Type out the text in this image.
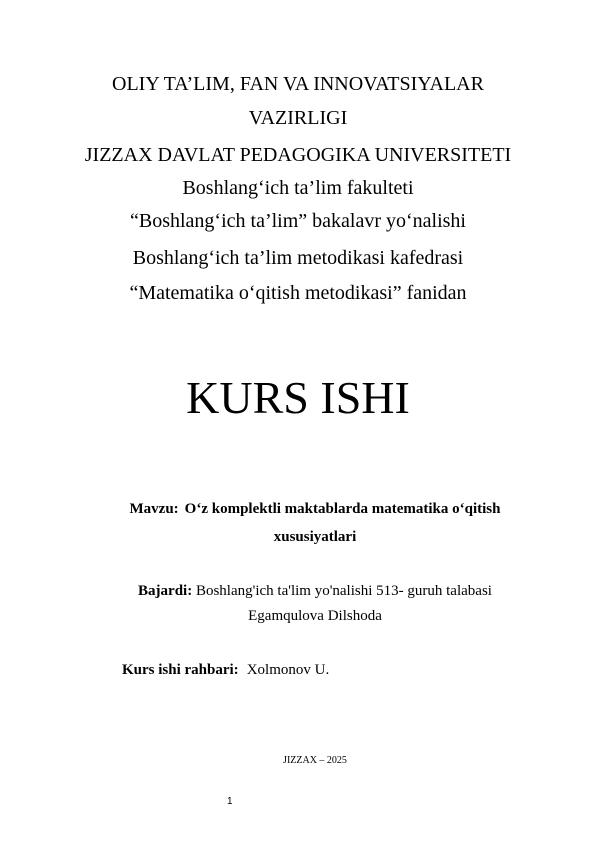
OLIY TA’LIM, FAN VA INNOVATSIYALAR
VAZIRLIGI
JIZZAX DAVLAT PEDAGOGIKA UNIVERSITETI
Boshlang‘ich ta’lim fakulteti
“Boshlang‘ich ta’lim” bakalavr yo‘nalishi
Boshlang‘ich ta’lim metodikasi kafedrasi
“Matematika o‘qitish metodikasi” fanidan
KURS ISHI
Mavzu: O‘z komplektli maktablarda matematika o‘qitish xususiyatlari
Bajardi: Boshlang'ich ta'lim yo'nalishi 513- guruh talabasi
Egamqulova Dilshoda
Kurs ishi rahbari: Xolmonov U.
JIZZAX – 2025
1
